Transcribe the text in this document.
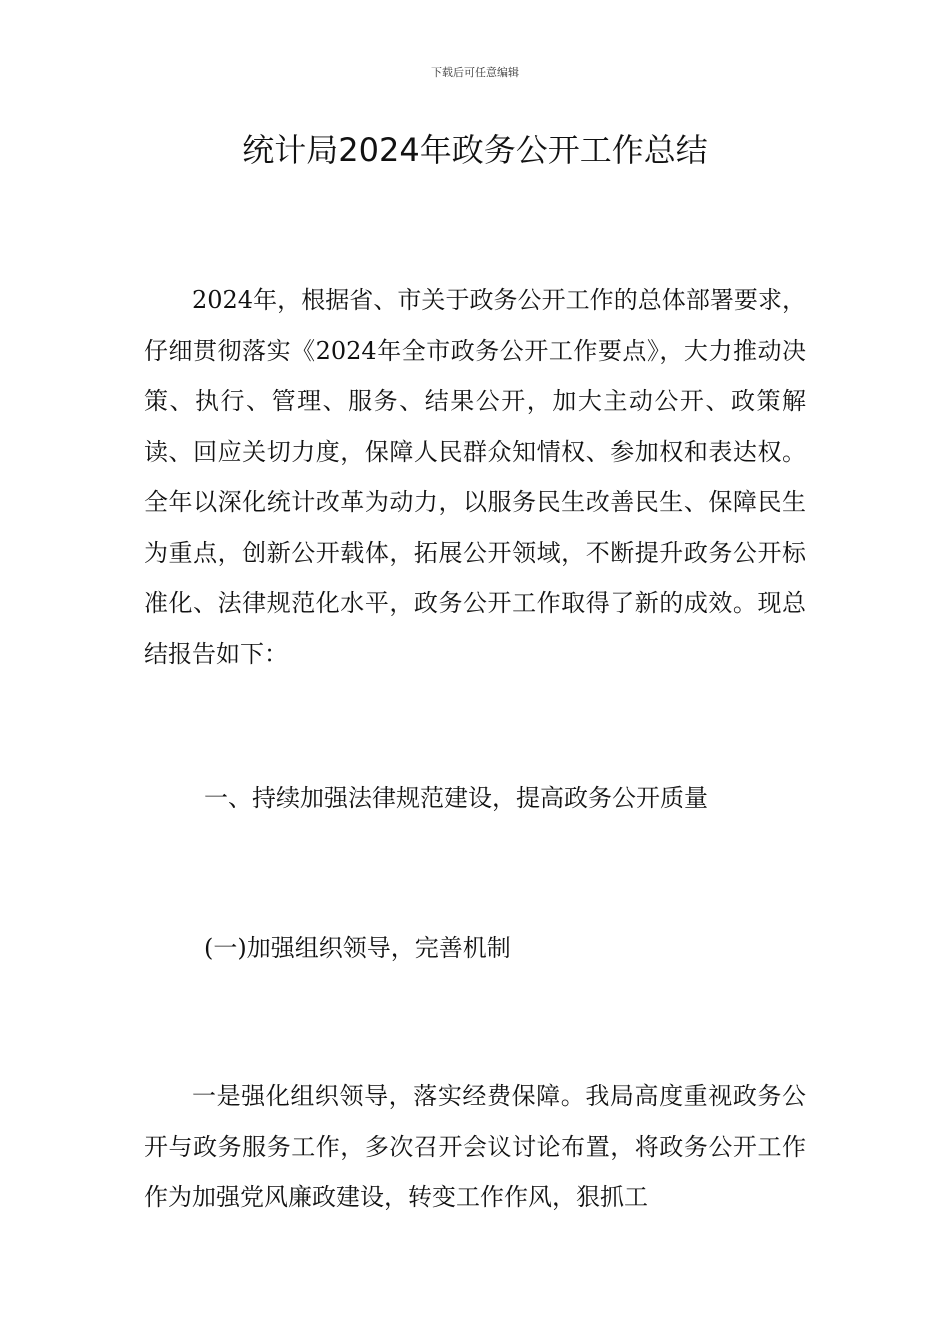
下载后可任意编辑
统计局2024年政务公开工作总结

2024年，根据省、市关于政务公开工作的总体部署要求，仔细贯彻落实《2024年全市政务公开工作要点》，大力推动决策、执行、管理、服务、结果公开，加大主动公开、政策解读、回应关切力度，保障人民群众知情权、参加权和表达权。全年以深化统计改革为动力，以服务民生改善民生、保障民生为重点，创新公开载体，拓展公开领域，不断提升政务公开标准化、法律规范化水平，政务公开工作取得了新的成效。现总结报告如下：

一、持续加强法律规范建设，提高政务公开质量
(一)加强组织领导，完善机制

一是强化组织领导，落实经费保障。我局高度重视政务公开与政务服务工作，多次召开会议讨论布置，将政务公开工作作为加强党风廉政建设，转变工作作风，狠抓工
